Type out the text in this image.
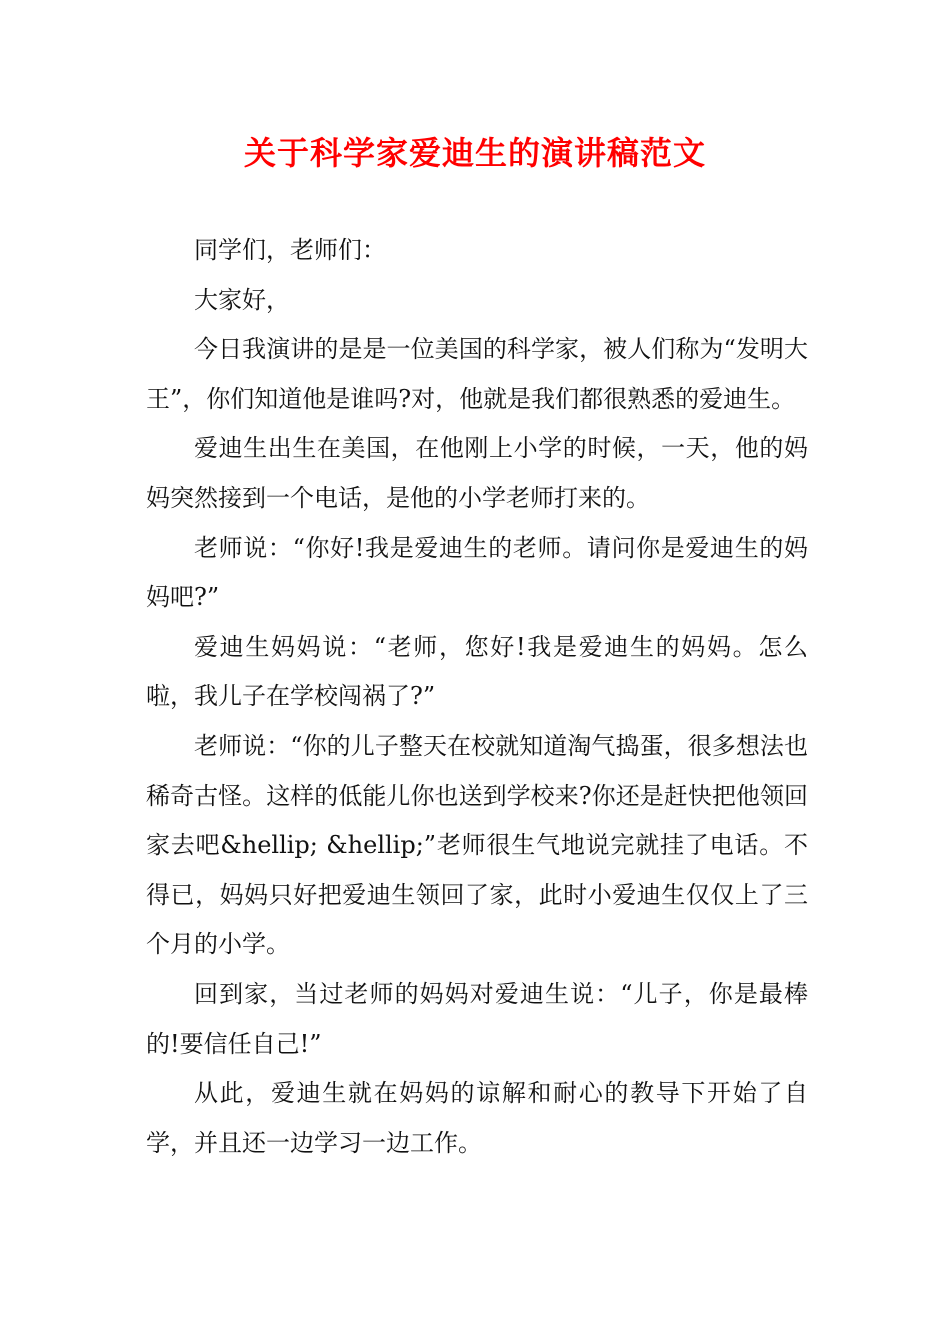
关于科学家爱迪生的演讲稿范文

同学们，老师们：

大家好，

今日我演讲的是是一位美国的科学家，被人们称为“发明大王”，你们知道他是谁吗?对，他就是我们都很熟悉的爱迪生。

爱迪生出生在美国，在他刚上小学的时候，一天，他的妈妈突然接到一个电话，是他的小学老师打来的。

老师说：“你好!我是爱迪生的老师。请问你是爱迪生的妈妈吧?”

爱迪生妈妈说：“老师，您好!我是爱迪生的妈妈。怎么啦，我儿子在学校闯祸了?”

老师说：“你的儿子整天在校就知道淘气捣蛋，很多想法也稀奇古怪。这样的低能儿你也送到学校来?你还是赶快把他领回家去吧&hellip; &hellip;”老师很生气地说完就挂了电话。不得已，妈妈只好把爱迪生领回了家，此时小爱迪生仅仅上了三个月的小学。

回到家，当过老师的妈妈对爱迪生说：“儿子，你是最棒的!要信任自己!”

从此，爱迪生就在妈妈的谅解和耐心的教导下开始了自学，并且还一边学习一边工作。
